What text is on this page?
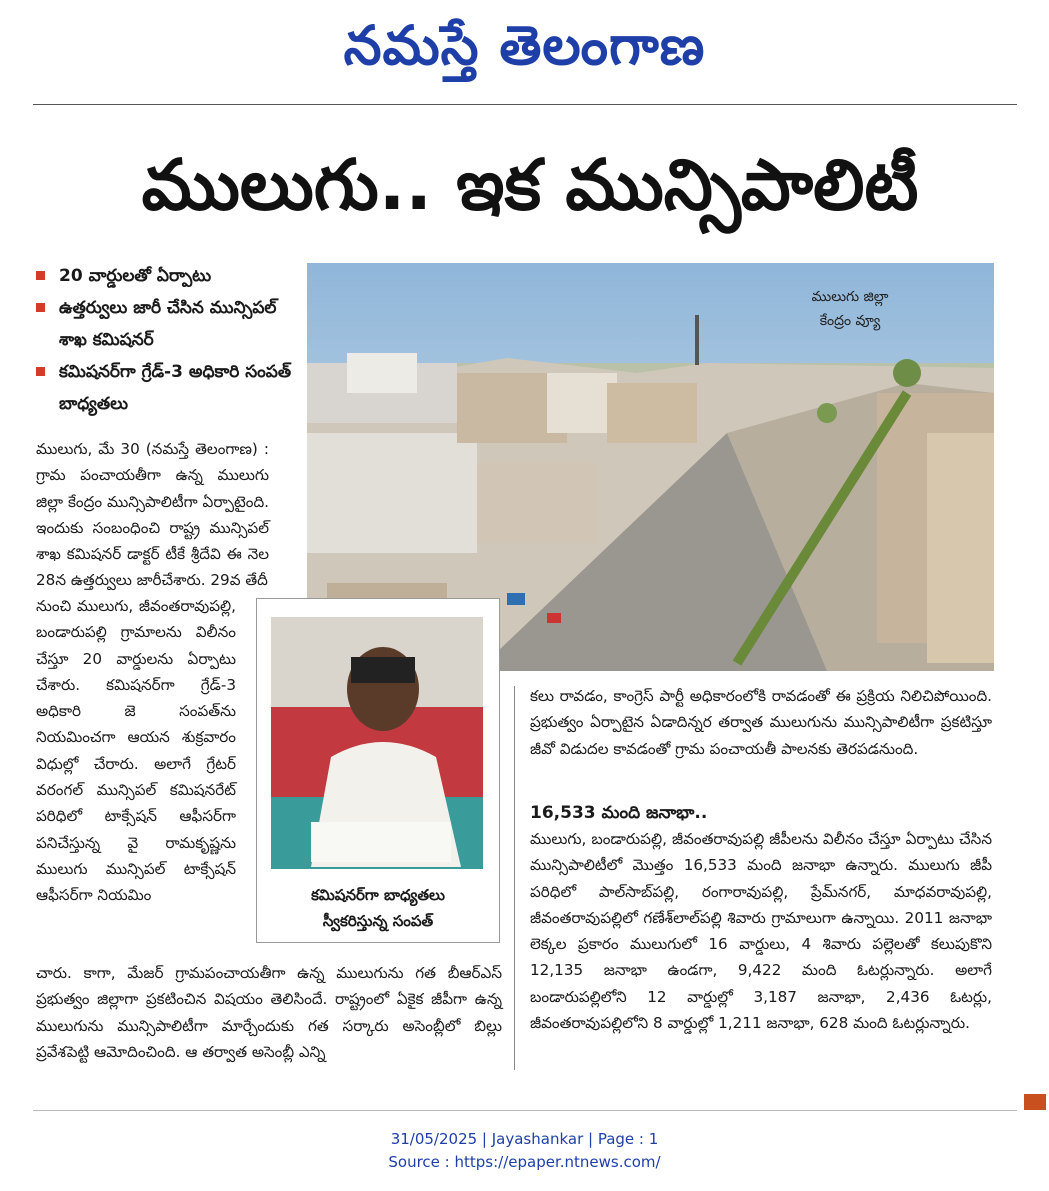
నమస్తే తెలంగాణ
ములుగు.. ఇక మున్సిపాలిటీ
20 వార్డులతో ఏర్పాటు
ఉత్తర్వులు జారీ చేసిన మున్సిపల్ శాఖ కమిషనర్
కమిషనర్‌గా గ్రేడ్-3 అధికారి సంపత్ బాధ్యతలు
ములుగు జిల్లా
కేంద్రం వ్యూ
ములుగు, మే 30 (నమస్తే తెలంగాణ) : గ్రామ పంచాయతీగా ఉన్న ములుగు జిల్లా కేంద్రం మున్సిపాలిటీగా ఏర్పాటైంది. ఇందుకు సంబంధించి రాష్ట్ర మున్సిపల్ శాఖ కమిషనర్ డాక్టర్ టీకే శ్రీదేవి ఈ నెల 28న ఉత్తర్వులు జారీచేశారు. 29వ తేదీ
నుంచి ములుగు, జీవంతరావుపల్లి, బండారుపల్లి గ్రామాలను విలీనం చేస్తూ 20 వార్డులను ఏర్పాటు చేశారు. కమిషనర్‌గా గ్రేడ్-3 అధికారి జె సంపత్‌ను నియమించగా ఆయన శుక్రవారం విధుల్లో చేరారు. అలాగే గ్రేటర్ వరంగల్ మున్సిపల్ కమిషనరేట్ పరిధిలో టాక్సేషన్ ఆఫీసర్‌గా పనిచేస్తున్న వై రామకృష్ణను ములుగు మున్సిపల్ టాక్సేషన్ ఆఫీసర్‌గా నియమిం	కమిషనర్‌గా బాధ్యతలు
స్వీకరిస్తున్న సంపత్
చారు. కాగా, మేజర్ గ్రామపంచాయతీగా ఉన్న ములుగును గత బీఆర్ఎస్ ప్రభుత్వం జిల్లాగా ప్రకటించిన విషయం తెలిసిందే. రాష్ట్రంలో ఏకైక జీపీగా ఉన్న ములుగును మున్సిపాలిటీగా మార్చేందుకు గత సర్కారు అసెంబ్లీలో బిల్లు ప్రవేశపెట్టి ఆమోదించింది. ఆ తర్వాత అసెంబ్లీ ఎన్ని
కలు రావడం, కాంగ్రెస్ పార్టీ అధికారంలోకి రావడంతో ఈ ప్రక్రియ నిలిచిపోయింది. ప్రభుత్వం ఏర్పాటైన ఏడాదిన్నర తర్వాత ములుగును మున్సిపాలిటీగా ప్రకటిస్తూ జీవో విడుదల కావడంతో గ్రామ పంచాయతీ పాలనకు తెరపడనుంది.
16,533 మంది జనాభా..
ములుగు, బండారుపల్లి, జీవంతరావుపల్లి జీపీలను విలీనం చేస్తూ ఏర్పాటు చేసిన మున్సిపాలిటీలో మొత్తం 16,533 మంది జనాభా ఉన్నారు. ములుగు జీపీ పరిధిలో పాల్‌సాబ్‌పల్లి, రంగారావుపల్లి, ప్రేమ్‌నగర్, మాధవరావుపల్లి, జీవంతరావుపల్లిలో గణేశ్‌లాల్‌పల్లి శివారు గ్రామాలుగా ఉన్నాయి. 2011 జనాభా లెక్కల ప్రకారం ములుగులో 16 వార్డులు, 4 శివారు పల్లెలతో కలుపుకొని 12,135 జనాభా ఉండగా, 9,422 మంది ఓటర్లున్నారు. అలాగే బండారుపల్లిలోని 12 వార్డుల్లో 3,187 జనాభా, 2,436 ఓటర్లు, జీవంతరావుపల్లిలోని 8 వార్డుల్లో 1,211 జనాభా, 628 మంది ఓటర్లున్నారు.
31/05/2025 | Jayashankar | Page : 1
Source : https://epaper.ntnews.com/
